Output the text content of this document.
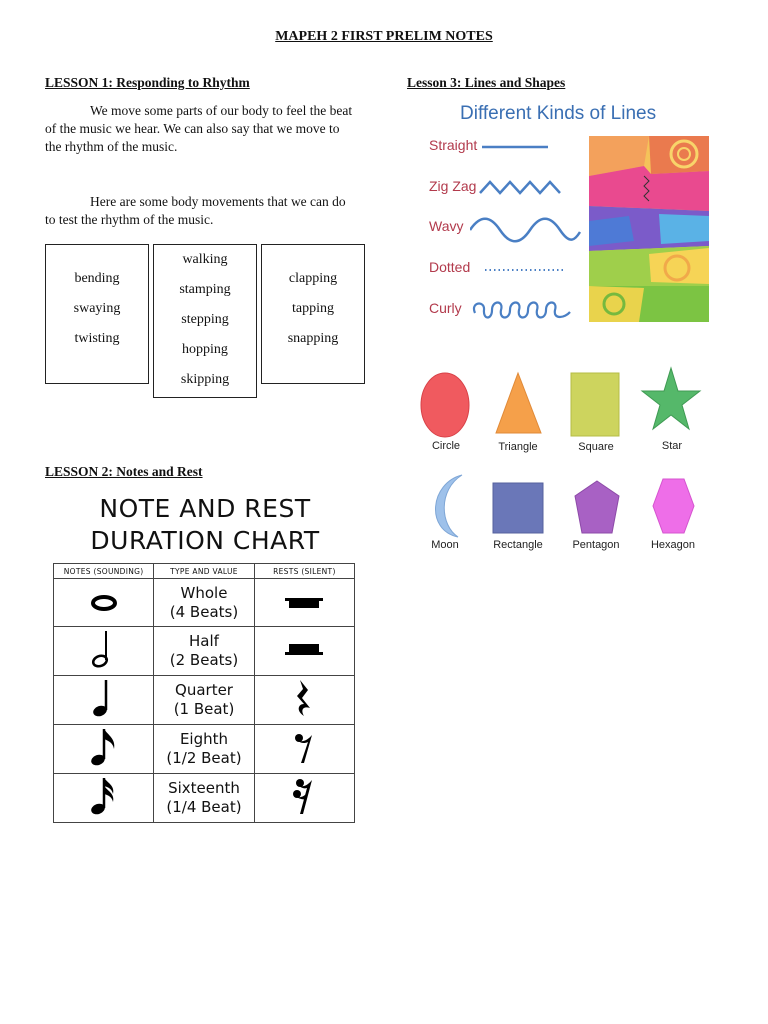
MAPEH 2 FIRST PRELIM NOTES
LESSON 1: Responding to Rhythm
We move some parts of our body to feel the beat
of the music we hear. We can also say that we move to
the rhythm of the music.
Here are some body movements that we can do
to test the rhythm of the music.
bending
swaying
twisting
walking
stamping
stepping
hopping
skipping
clapping
tapping
snapping
LESSON 2: Notes and Rest
NOTE AND REST
DURATION CHART
NOTES (SOUNDING)	TYPE AND VALUE	RESTS (SILENT)

Whole
(4 Beats)

Half
(2 Beats)

Quarter
(1 Beat)

Eighth
(1/2 Beat)

Sixteenth
(1/4 Beat)

Lesson 3: Lines and Shapes
Different Kinds of Lines
Straight
Zig Zag
Wavy
Dotted
Curly
Circle	Triangle	Square	Star
Moon	Rectangle	Pentagon	Hexagon
